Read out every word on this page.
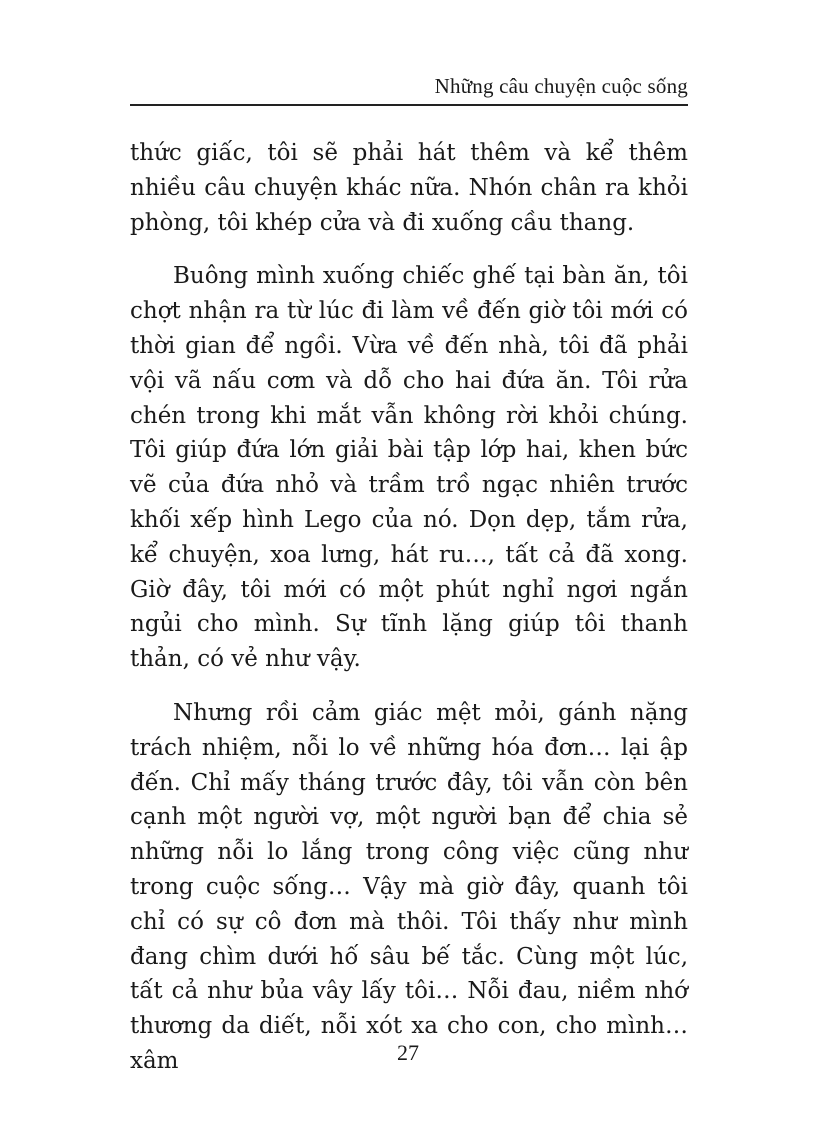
Những câu chuyện cuộc sống

thức giấc, tôi sẽ phải hát thêm và kể thêm nhiều câu chuyện khác nữa. Nhón chân ra khỏi phòng, tôi khép cửa và đi xuống cầu thang.

Buông mình xuống chiếc ghế tại bàn ăn, tôi chợt nhận ra từ lúc đi làm về đến giờ tôi mới có thời gian để ngồi. Vừa về đến nhà, tôi đã phải vội vã nấu cơm và dỗ cho hai đứa ăn. Tôi rửa chén trong khi mắt vẫn không rời khỏi chúng. Tôi giúp đứa lớn giải bài tập lớp hai, khen bức vẽ của đứa nhỏ và trầm trồ ngạc nhiên trước khối xếp hình Lego của nó. Dọn dẹp, tắm rửa, kể chuyện, xoa lưng, hát ru…, tất cả đã xong. Giờ đây, tôi mới có một phút nghỉ ngơi ngắn ngủi cho mình. Sự tĩnh lặng giúp tôi thanh thản, có vẻ như vậy.

Nhưng rồi cảm giác mệt mỏi, gánh nặng trách nhiệm, nỗi lo về những hóa đơn… lại ập đến. Chỉ mấy tháng trước đây, tôi vẫn còn bên cạnh một người vợ, một người bạn để chia sẻ những nỗi lo lắng trong công việc cũng như trong cuộc sống… Vậy mà giờ đây, quanh tôi chỉ có sự cô đơn mà thôi. Tôi thấy như mình đang chìm dưới hố sâu bế tắc. Cùng một lúc, tất cả như bủa vây lấy tôi… Nỗi đau, niềm nhớ thương da diết, nỗi xót xa cho con, cho mình… xâm	27
